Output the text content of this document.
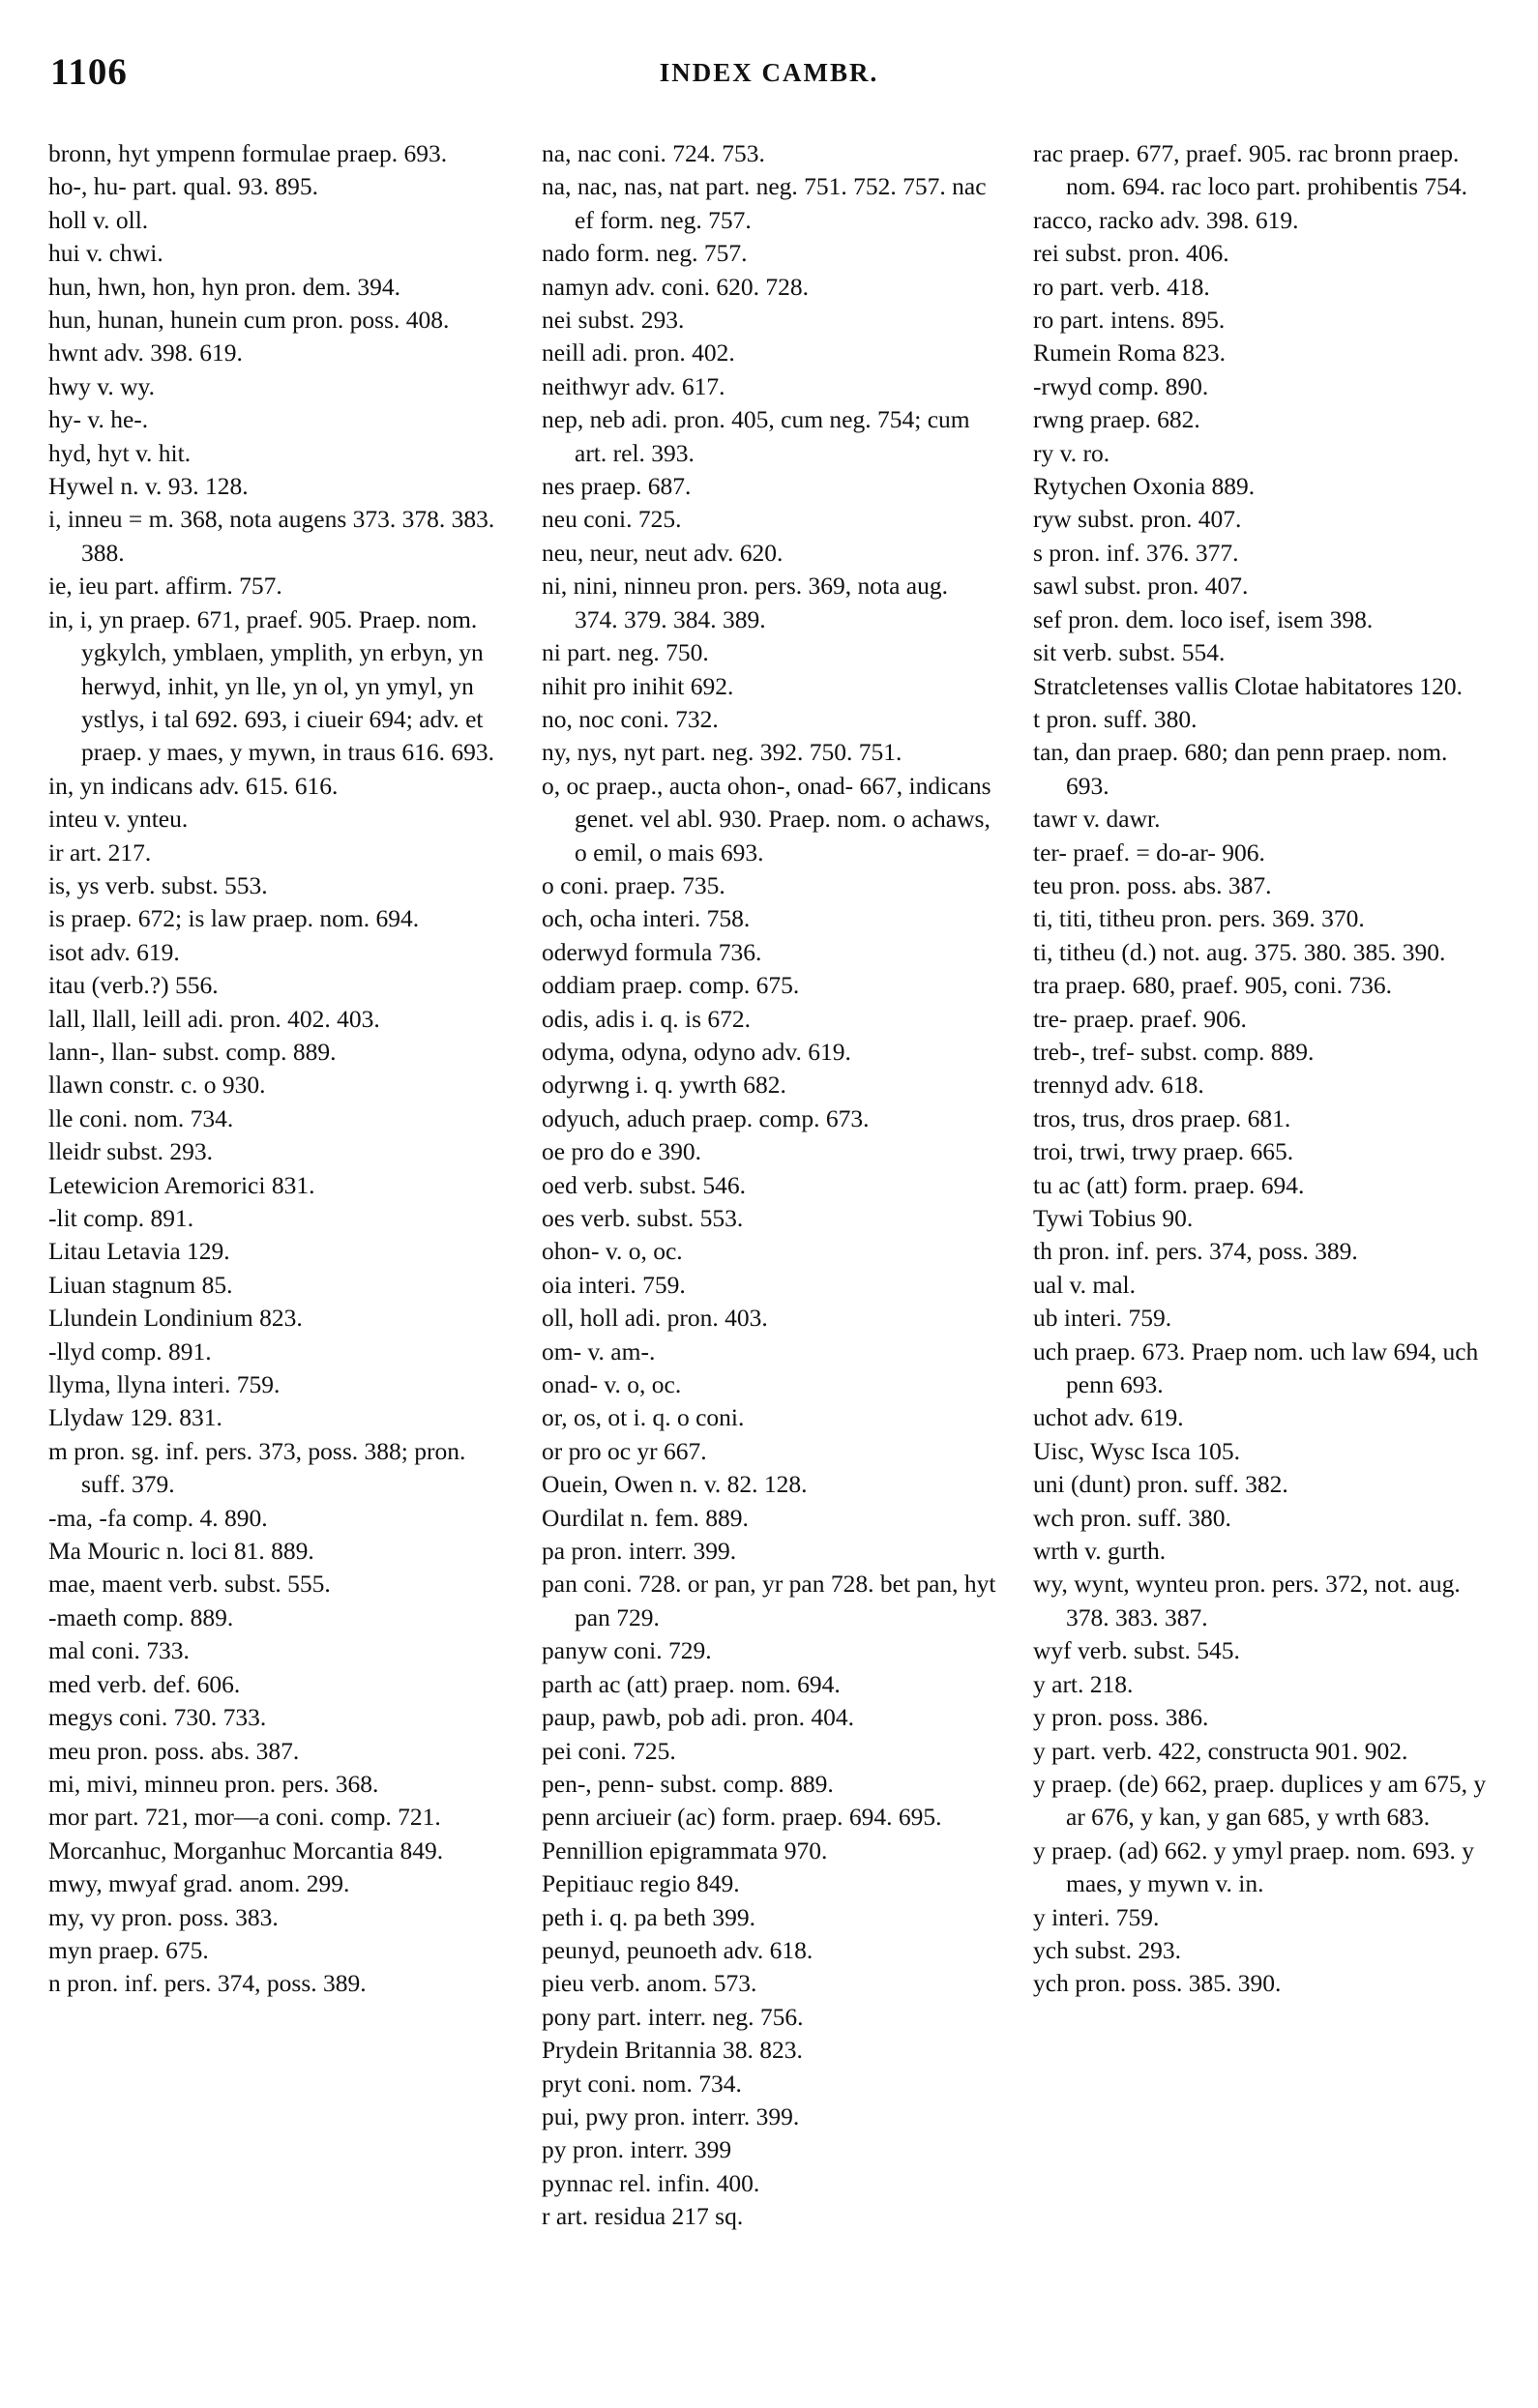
1106	INDEX CAMBR.
bronn, hyt ympenn formulae praep. 693.
ho-, hu- part. qual. 93. 895.
holl v. oll.
hui v. chwi.
hun, hwn, hon, hyn pron. dem. 394.
hun, hunan, hunein cum pron. poss. 408.
hwnt adv. 398. 619.
hwy v. wy.
hy- v. he-.
hyd, hyt v. hit.
Hywel n. v. 93. 128.
i, inneu = m. 368, nota augens 373. 378. 383. 388.
ie, ieu part. affirm. 757.
in, i, yn praep. 671, praef. 905. Praep. nom. ygkylch, ymblaen, ymplith, yn erbyn, yn herwyd, inhit, yn lle, yn ol, yn ymyl, yn ystlys, i tal 692. 693, i ciueir 694; adv. et praep. y maes, y mywn, in traus 616. 693.
in, yn indicans adv. 615. 616.
inteu v. ynteu.
ir art. 217.
is, ys verb. subst. 553.
is praep. 672; is law praep. nom. 694.
isot adv. 619.
itau (verb.?) 556.
lall, llall, leill adi. pron. 402. 403.
lann-, llan- subst. comp. 889.
llawn constr. c. o 930.
lle coni. nom. 734.
lleidr subst. 293.
Letewicion Aremorici 831.
-lit comp. 891.
Litau Letavia 129.
Liuan stagnum 85.
Llundein Londinium 823.
-llyd comp. 891.
llyma, llyna interi. 759.
Llydaw 129. 831.
m pron. sg. inf. pers. 373, poss. 388; pron. suff. 379.
-ma, -fa comp. 4. 890.
Ma Mouric n. loci 81. 889.
mae, maent verb. subst. 555.
-maeth comp. 889.
mal coni. 733.
med verb. def. 606.
megys coni. 730. 733.
meu pron. poss. abs. 387.
mi, mivi, minneu pron. pers. 368.
mor part. 721, mor—a coni. comp. 721.
Morcanhuc, Morganhuc Morcantia 849.
mwy, mwyaf grad. anom. 299.
my, vy pron. poss. 383.
myn praep. 675.
n pron. inf. pers. 374, poss. 389.
na, nac coni. 724. 753.
na, nac, nas, nat part. neg. 751. 752. 757. nac ef form. neg. 757.
nado form. neg. 757.
namyn adv. coni. 620. 728.
nei subst. 293.
neill adi. pron. 402.
neithwyr adv. 617.
nep, neb adi. pron. 405, cum neg. 754; cum art. rel. 393.
nes praep. 687.
neu coni. 725.
neu, neur, neut adv. 620.
ni, nini, ninneu pron. pers. 369, nota aug. 374. 379. 384. 389.
ni part. neg. 750.
nihit pro inihit 692.
no, noc coni. 732.
ny, nys, nyt part. neg. 392. 750. 751.
o, oc praep., aucta ohon-, onad- 667, indicans genet. vel abl. 930. Praep. nom. o achaws, o emil, o mais 693.
o coni. praep. 735.
och, ocha interi. 758.
oderwyd formula 736.
oddiam praep. comp. 675.
odis, adis i. q. is 672.
odyma, odyna, odyno adv. 619.
odyrwng i. q. ywrth 682.
odyuch, aduch praep. comp. 673.
oe pro do e 390.
oed verb. subst. 546.
oes verb. subst. 553.
ohon- v. o, oc.
oia interi. 759.
oll, holl adi. pron. 403.
om- v. am-.
onad- v. o, oc.
or, os, ot i. q. o coni.
or pro oc yr 667.
Ouein, Owen n. v. 82. 128.
Ourdilat n. fem. 889.
pa pron. interr. 399.
pan coni. 728. or pan, yr pan 728. bet pan, hyt pan 729.
panyw coni. 729.
parth ac (att) praep. nom. 694.
paup, pawb, pob adi. pron. 404.
pei coni. 725.
pen-, penn- subst. comp. 889.
penn arciueir (ac) form. praep. 694. 695.
Pennillion epigrammata 970.
Pepitiauc regio 849.
peth i. q. pa beth 399.
peunyd, peunoeth adv. 618.
pieu verb. anom. 573.
pony part. interr. neg. 756.
Prydein Britannia 38. 823.
pryt coni. nom. 734.
pui, pwy pron. interr. 399.
py pron. interr. 399
pynnac rel. infin. 400.
r art. residua 217 sq.
rac praep. 677, praef. 905. rac bronn praep. nom. 694. rac loco part. prohibentis 754.
racco, racko adv. 398. 619.
rei subst. pron. 406.
ro part. verb. 418.
ro part. intens. 895.
Rumein Roma 823.
-rwyd comp. 890.
rwng praep. 682.
ry v. ro.
Rytychen Oxonia 889.
ryw subst. pron. 407.
s pron. inf. 376. 377.
sawl subst. pron. 407.
sef pron. dem. loco isef, isem 398.
sit verb. subst. 554.
Stratcletenses vallis Clotae habitatores 120.
t pron. suff. 380.
tan, dan praep. 680; dan penn praep. nom. 693.
tawr v. dawr.
ter- praef. = do-ar- 906.
teu pron. poss. abs. 387.
ti, titi, titheu pron. pers. 369. 370.
ti, titheu (d.) not. aug. 375. 380. 385. 390.
tra praep. 680, praef. 905, coni. 736.
tre- praep. praef. 906.
treb-, tref- subst. comp. 889.
trennyd adv. 618.
tros, trus, dros praep. 681.
troi, trwi, trwy praep. 665.
tu ac (att) form. praep. 694.
Tywi Tobius 90.
th pron. inf. pers. 374, poss. 389.
ual v. mal.
ub interi. 759.
uch praep. 673. Praep nom. uch law 694, uch penn 693.
uchot adv. 619.
Uisc, Wysc Isca 105.
uni (dunt) pron. suff. 382.
wch pron. suff. 380.
wrth v. gurth.
wy, wynt, wynteu pron. pers. 372, not. aug. 378. 383. 387.
wyf verb. subst. 545.
y art. 218.
y pron. poss. 386.
y part. verb. 422, constructa 901. 902.
y praep. (de) 662, praep. duplices y am 675, y ar 676, y kan, y gan 685, y wrth 683.
y praep. (ad) 662. y ymyl praep. nom. 693. y maes, y mywn v. in.
y interi. 759.
ych subst. 293.
ych pron. poss. 385. 390.
